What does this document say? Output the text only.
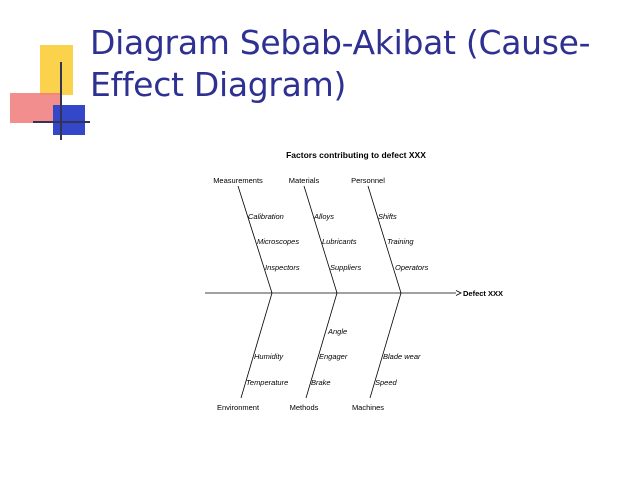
Diagram Sebab-Akibat (Cause-Effect Diagram)
Factors contributing to defect XXX
Defect XXX
Measurements	Materials	Personnel
Calibration
Microscopes
Inspectors
Alloys
Lubricants
Suppliers
Shifts
Training
Operators
Environment	Methods	Machines
Humidity
Temperature
Angle
Engager
Brake
Blade wear
Speed
